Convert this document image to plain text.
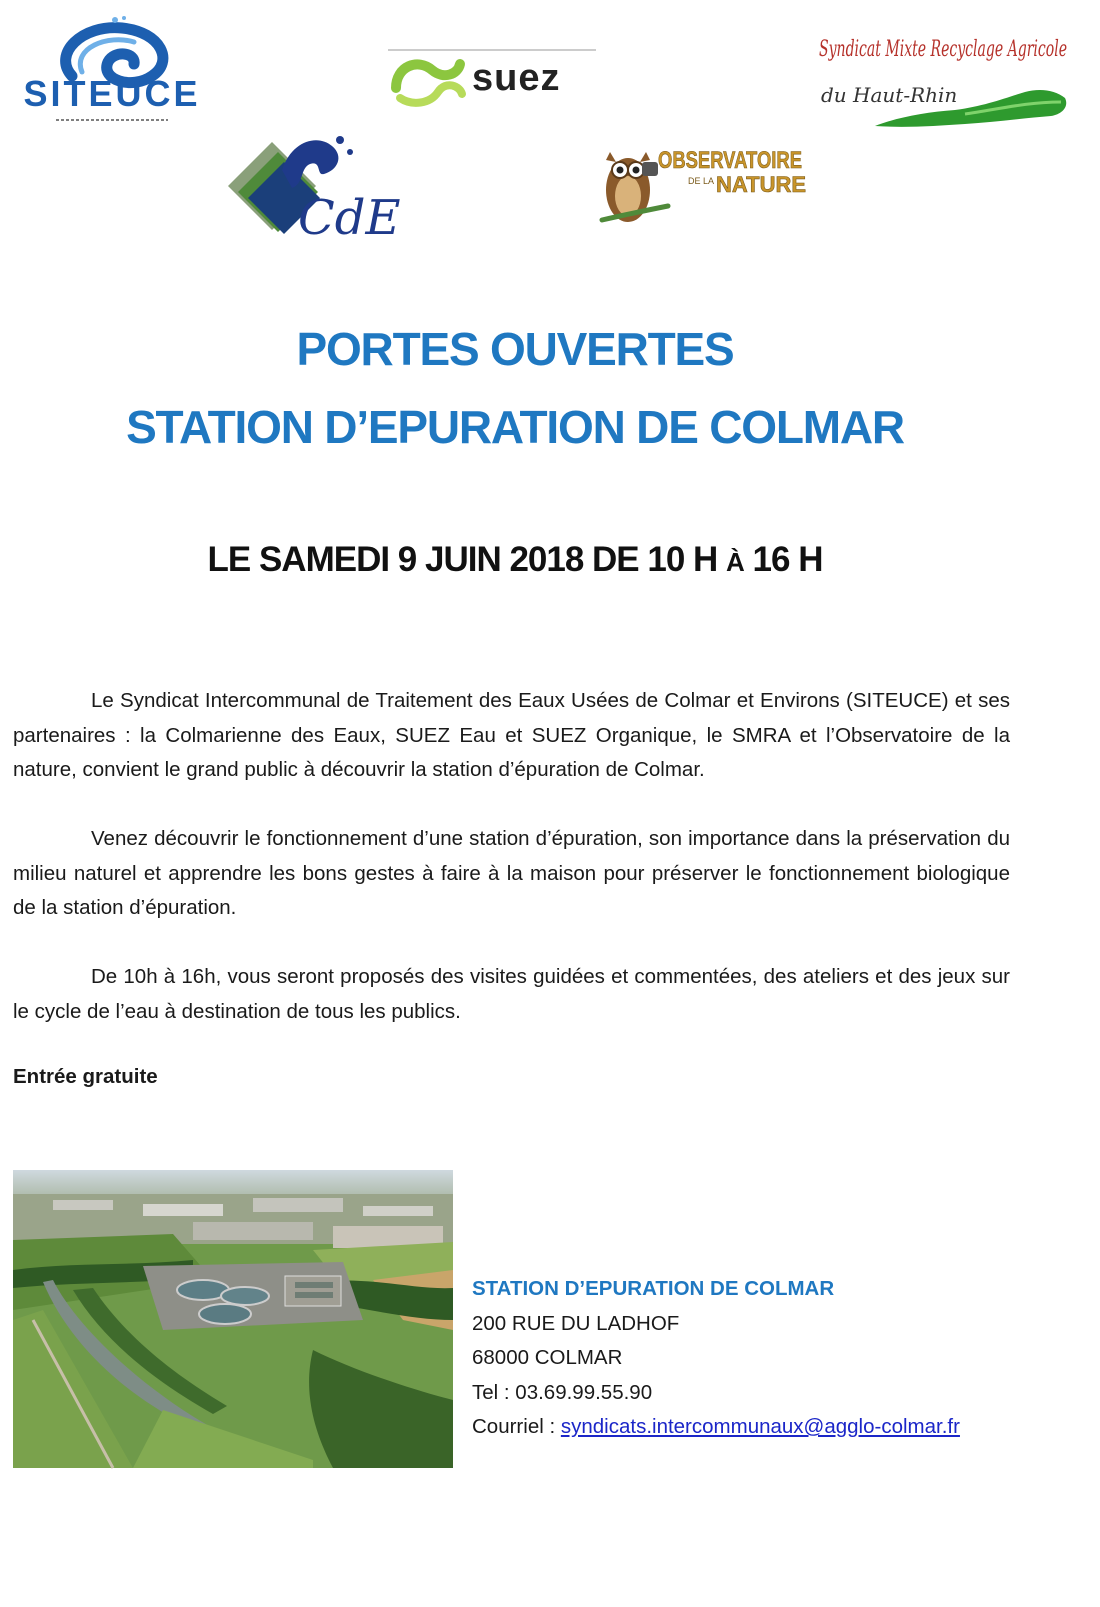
SITEUCE	suez
Syndicat Mixte Recyclage Agricole
du Haut-Rhin
CdE
OBSERVATOIRE
DE LA NATURE
PORTES OUVERTES
STATION D’EPURATION DE COLMAR
LE SAMEDI 9 JUIN 2018 DE 10 H À 16 H
Le Syndicat Intercommunal de Traitement des Eaux Usées de Colmar et Environs (SITEUCE) et ses partenaires : la Colmarienne des Eaux, SUEZ Eau et SUEZ Organique, le SMRA et l’Observatoire de la nature, convient le grand public à découvrir la station d’épuration de Colmar.
Venez découvrir le fonctionnement d’une station d’épuration, son importance dans la préservation du milieu naturel et apprendre les bons gestes à faire à la maison pour préserver le fonctionnement biologique de la station d’épuration.
De 10h à 16h, vous seront proposés des visites guidées et commentées, des ateliers et des jeux sur le cycle de l’eau à destination de tous les publics.
Entrée gratuite
STATION D’EPURATION DE COLMAR
200 RUE DU LADHOF
68000 COLMAR
Tel : 03.69.99.55.90
Courriel : syndicats.intercommunaux@agglo-colmar.fr
